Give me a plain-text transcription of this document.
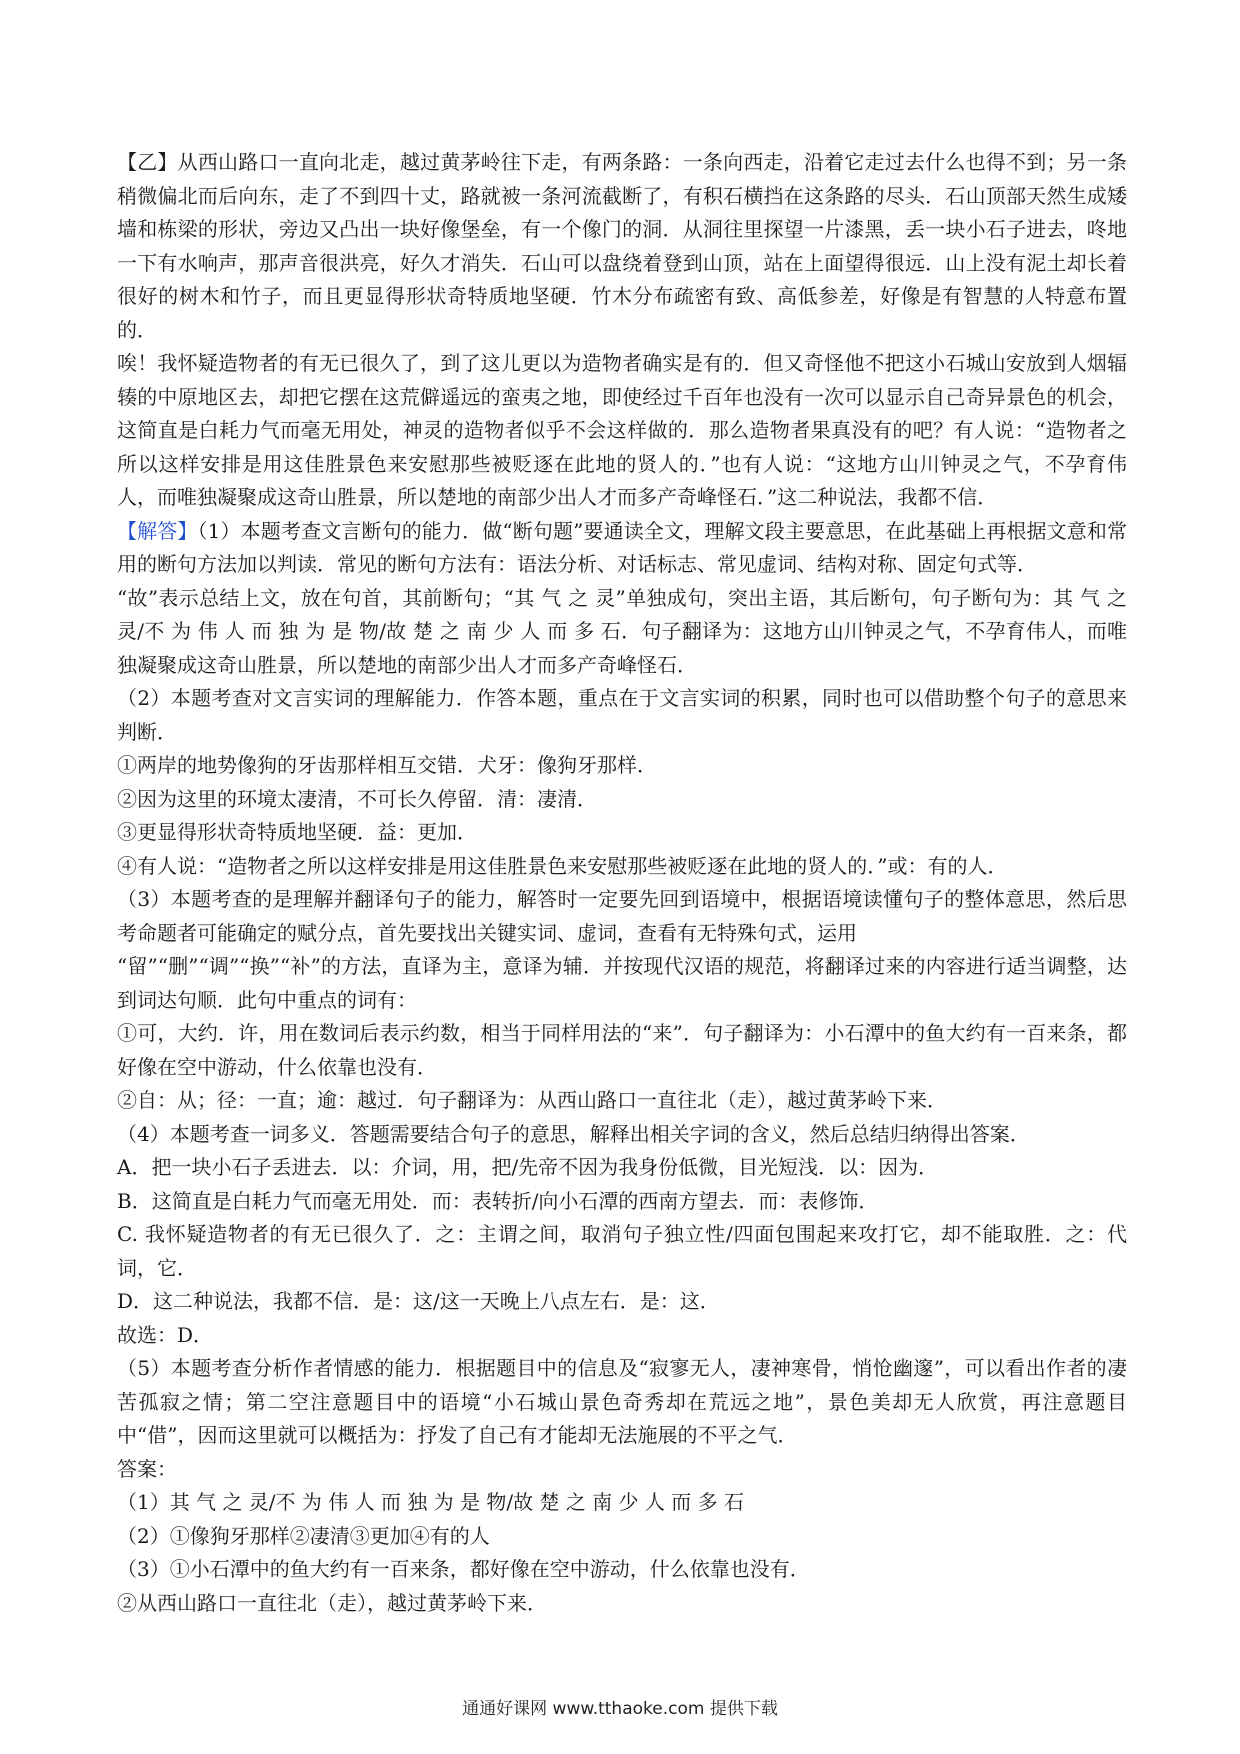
【乙】从西山路口一直向北走，越过黄茅岭往下走，有两条路：一条向西走，沿着它走过去什么也得不到；另一条稍微偏北而后向东，走了不到四十丈，路就被一条河流截断了，有积石横挡在这条路的尽头．石山顶部天然生成矮墙和栋梁的形状，旁边又凸出一块好像堡垒，有一个像门的洞．从洞往里探望一片漆黑，丢一块小石子进去，咚地一下有水响声，那声音很洪亮，好久才消失．石山可以盘绕着登到山顶，站在上面望得很远．山上没有泥土却长着很好的树木和竹子，而且更显得形状奇特质地坚硬．竹木分布疏密有致、高低参差，好像是有智慧的人特意布置的．

唉！我怀疑造物者的有无已很久了，到了这儿更以为造物者确实是有的．但又奇怪他不把这小石城山安放到人烟辐辏的中原地区去，却把它摆在这荒僻遥远的蛮夷之地，即使经过千百年也没有一次可以显示自己奇异景色的机会，这简直是白耗力气而毫无用处，神灵的造物者似乎不会这样做的．那么造物者果真没有的吧？有人说：“造物者之所以这样安排是用这佳胜景色来安慰那些被贬逐在此地的贤人的．”也有人说：“这地方山川钟灵之气，不孕育伟人，而唯独凝聚成这奇山胜景，所以楚地的南部少出人才而多产奇峰怪石．”这二种说法，我都不信．

【解答】（1）本题考查文言断句的能力．做“断句题”要通读全文，理解文段主要意思，在此基础上再根据文意和常用的断句方法加以判读．常见的断句方法有：语法分析、对话标志、常见虚词、结构对称、固定句式等．

“故”表示总结上文，放在句首，其前断句；“其 气 之 灵”单独成句，突出主语，其后断句，句子断句为：其 气 之 灵/不 为 伟 人 而 独 为 是 物/故 楚 之 南 少 人 而 多 石．句子翻译为：这地方山川钟灵之气，不孕育伟人，而唯独凝聚成这奇山胜景，所以楚地的南部少出人才而多产奇峰怪石．

（2）本题考查对文言实词的理解能力．作答本题，重点在于文言实词的积累，同时也可以借助整个句子的意思来判断．

①两岸的地势像狗的牙齿那样相互交错．犬牙：像狗牙那样．

②因为这里的环境太凄清，不可长久停留．清：凄清．

③更显得形状奇特质地坚硬．益：更加．

④有人说：“造物者之所以这样安排是用这佳胜景色来安慰那些被贬逐在此地的贤人的．”或：有的人．

（3）本题考查的是理解并翻译句子的能力，解答时一定要先回到语境中，根据语境读懂句子的整体意思，然后思考命题者可能确定的赋分点，首先要找出关键实词、虚词，查看有无特殊句式，运用

“留”“删”“调”“换”“补”的方法，直译为主，意译为辅．并按现代汉语的规范，将翻译过来的内容进行适当调整，达到词达句顺．此句中重点的词有：

①可，大约．许，用在数词后表示约数，相当于同样用法的“来”．句子翻译为：小石潭中的鱼大约有一百来条，都好像在空中游动，什么依靠也没有．

②自：从；径：一直；逾：越过．句子翻译为：从西山路口一直往北（走），越过黄茅岭下来．

（4）本题考查一词多义．答题需要结合句子的意思，解释出相关字词的含义，然后总结归纳得出答案．

A．把一块小石子丢进去．以：介词，用，把/先帝不因为我身份低微，目光短浅．以：因为．

B．这简直是白耗力气而毫无用处．而：表转折/向小石潭的西南方望去．而：表修饰．

C. 我怀疑造物者的有无已很久了．之：主谓之间，取消句子独立性/四面包围起来攻打它，却不能取胜．之：代词，它．

D．这二种说法，我都不信．是：这/这一天晚上八点左右．是：这．

故选：D．

（5）本题考查分析作者情感的能力．根据题目中的信息及“寂寥无人，凄神寒骨，悄怆幽邃”，可以看出作者的凄苦孤寂之情；第二空注意题目中的语境“小石城山景色奇秀却在荒远之地”，景色美却无人欣赏，再注意题目中“借”，因而这里就可以概括为：抒发了自己有才能却无法施展的不平之气．

答案：

（1）其 气 之 灵/不 为 伟 人 而 独 为 是 物/故 楚 之 南 少 人 而 多 石

（2）①像狗牙那样②凄清③更加④有的人

（3）①小石潭中的鱼大约有一百来条，都好像在空中游动，什么依靠也没有．

②从西山路口一直往北（走），越过黄茅岭下来．

通通好课网 www.tthaoke.com 提供下载
